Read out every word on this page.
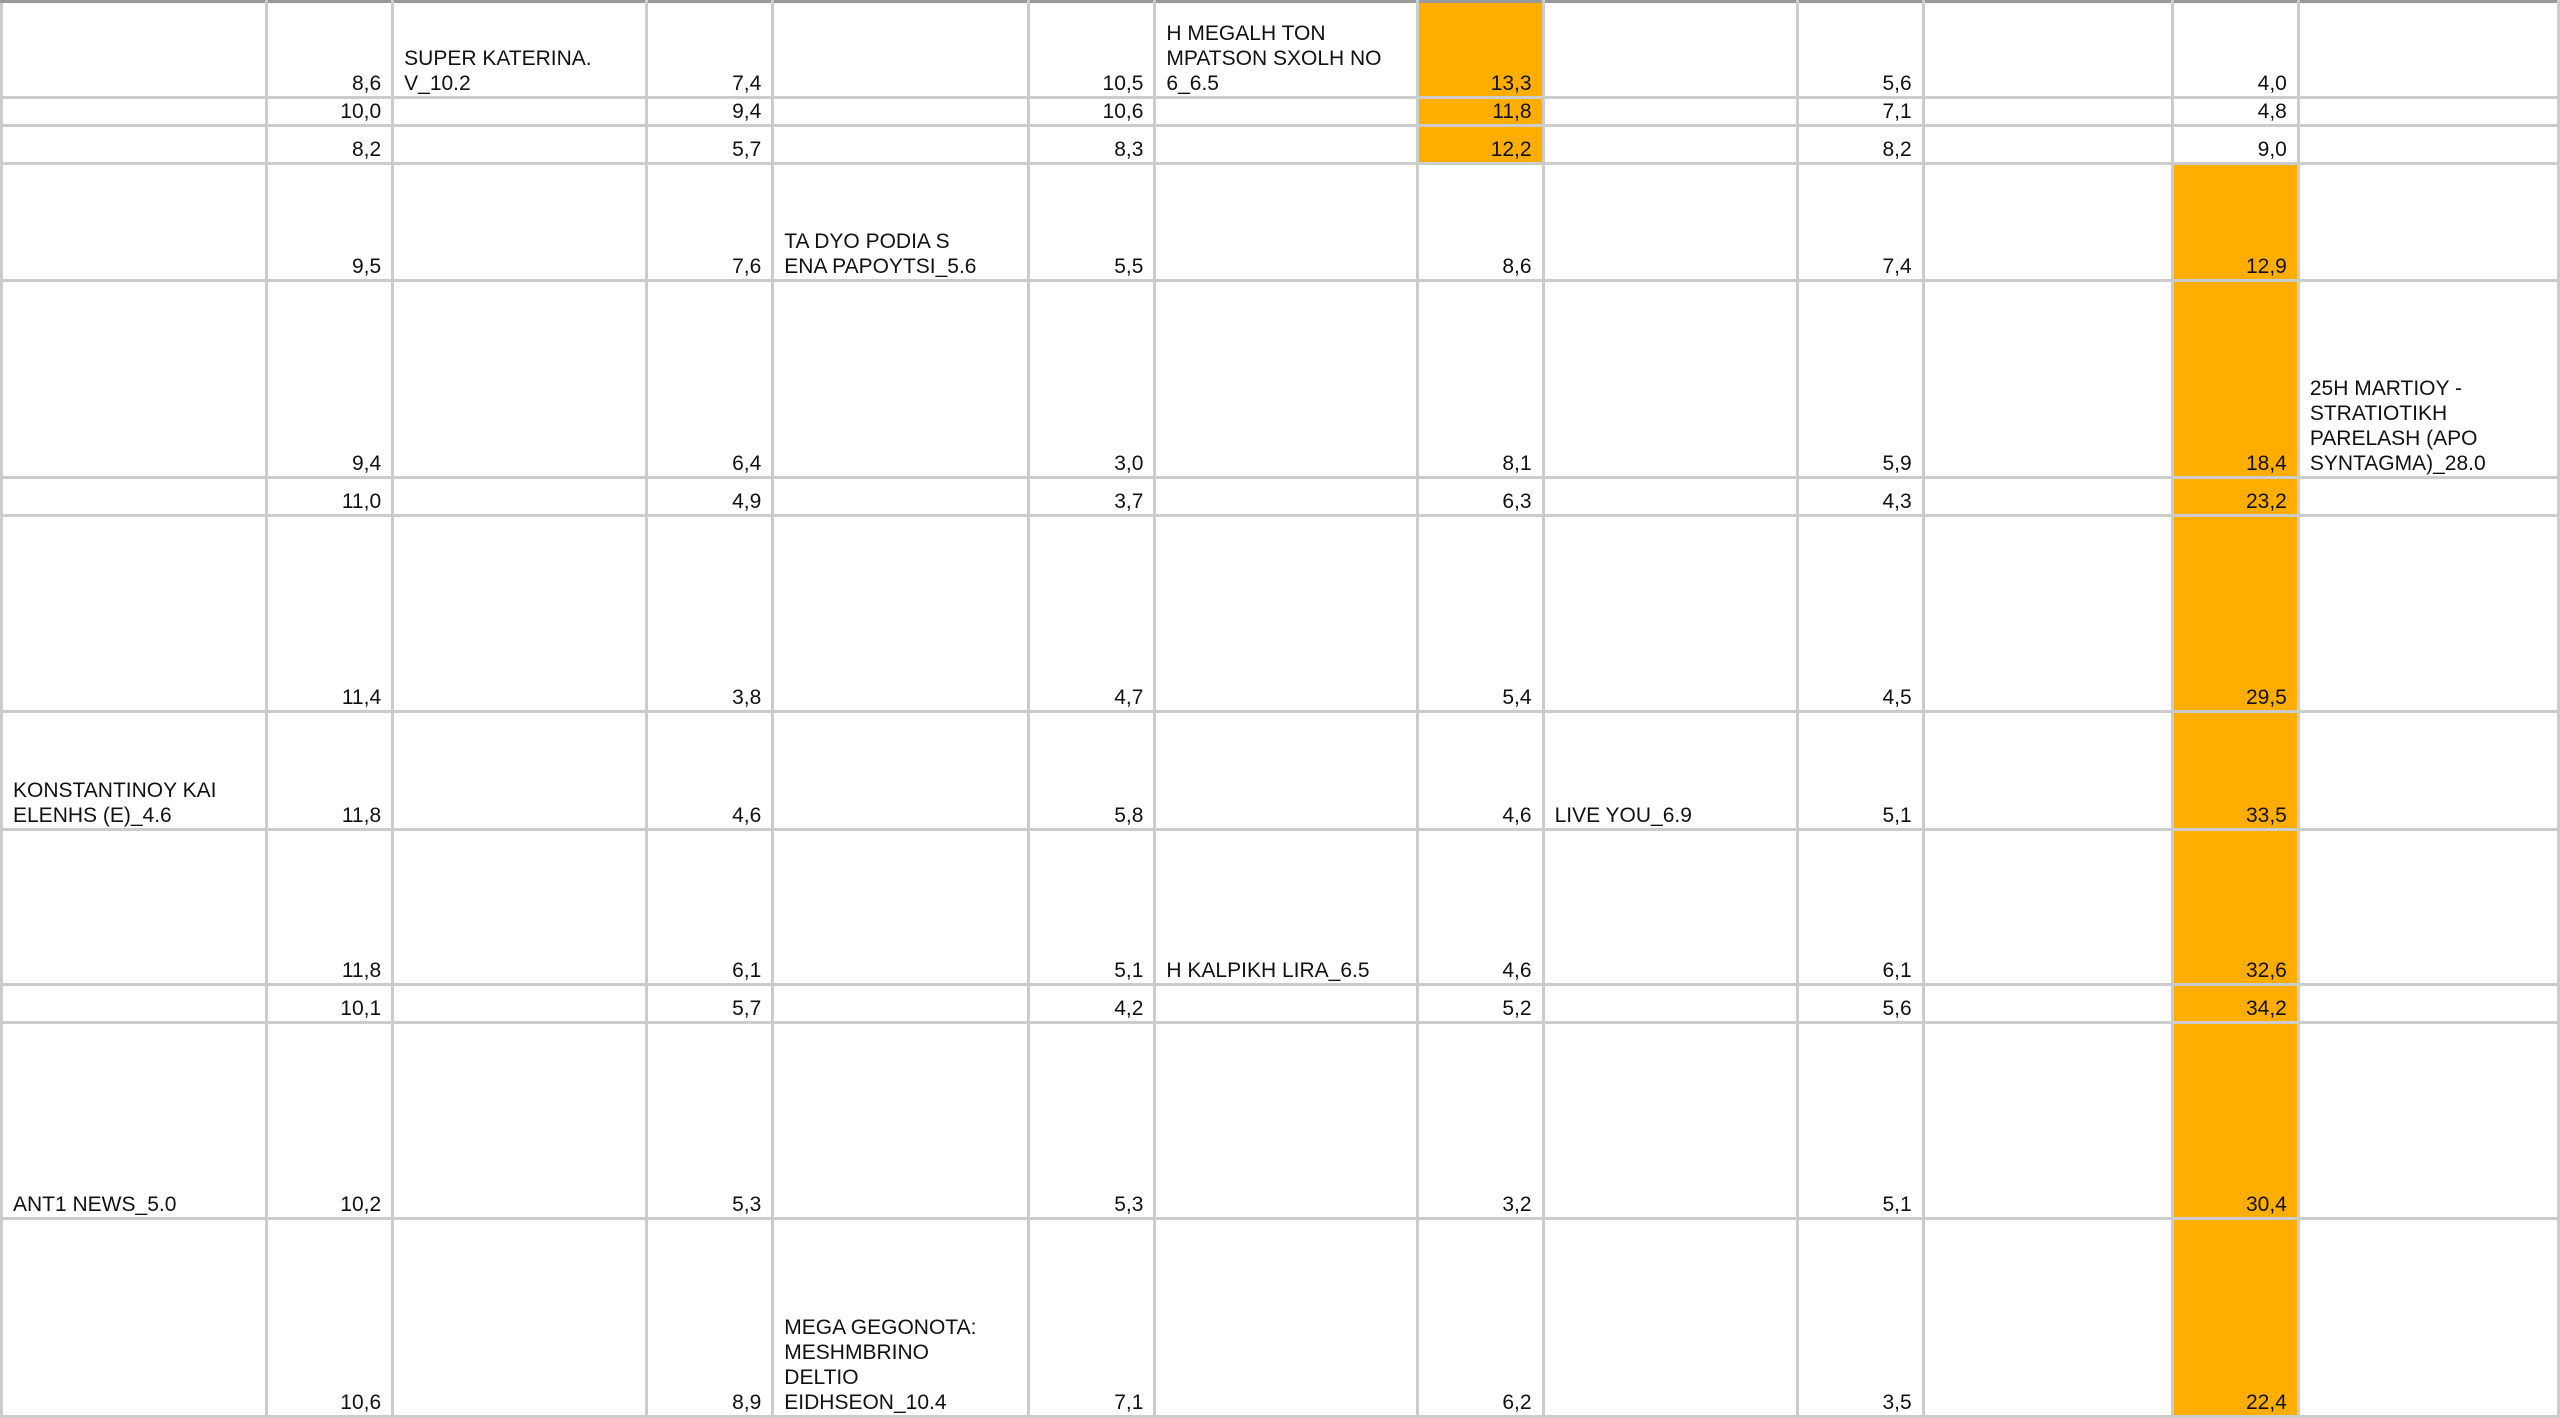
	8,6	SUPER KATERINA.
V_10.2	7,4		10,5	H MEGALH TON
MPATSON SXOLH NO
6_6.5	13,3		5,6		4,0	
	10,0		9,4		10,6		11,8		7,1		4,8	
	8,2		5,7		8,3		12,2		8,2		9,0	
	9,5		7,6	TA DYO PODIA S
ENA PAPOYTSI_5.6	5,5		8,6		7,4		12,9	
	9,4		6,4		3,0		8,1		5,9		18,4	25H MARTIOY -
STRATIOTIKH
PARELASH (APO
SYNTAGMA)_28.0
	11,0		4,9		3,7		6,3		4,3		23,2	
	11,4		3,8		4,7		5,4		4,5		29,5	
KONSTANTINOY KAI
ELENHS (E)_4.6	11,8		4,6		5,8		4,6	LIVE YOU_6.9	5,1		33,5	
	11,8		6,1		5,1	H KALPIKH LIRA_6.5	4,6		6,1		32,6	
	10,1		5,7		4,2		5,2		5,6		34,2	
ANT1 NEWS_5.0	10,2		5,3		5,3		3,2		5,1		30,4	
	10,6		8,9	MEGA GEGONOTA:
MESHMBRINO
DELTIO
EIDHSEON_10.4	7,1		6,2		3,5		22,4	
